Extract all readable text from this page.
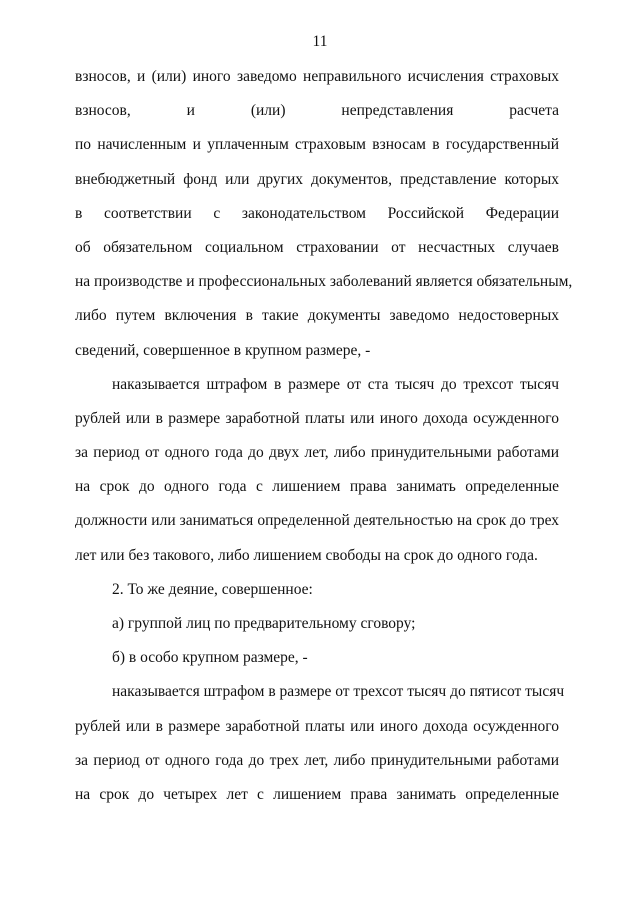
11
взносов, и (или) иного заведомо неправильного исчисления страховых
взносов, и (или) непредставления расчета
по начисленным и уплаченным страховым взносам в государственный
внебюджетный фонд или других документов, представление которых
в соответствии с законодательством Российской Федерации
об обязательном социальном страховании от несчастных случаев
на производстве и профессиональных заболеваний является обязательным,
либо путем включения в такие документы заведомо недостоверных
сведений, совершенное в крупном размере, -
наказывается штрафом в размере от ста тысяч до трехсот тысяч
рублей или в размере заработной платы или иного дохода осужденного
за период от одного года до двух лет, либо принудительными работами
на срок до одного года с лишением права занимать определенные
должности или заниматься определенной деятельностью на срок до трех
лет или без такового, либо лишением свободы на срок до одного года.
2. То же деяние, совершенное:
а) группой лиц по предварительному сговору;
б) в особо крупном размере, -
наказывается штрафом в размере от трехсот тысяч до пятисот тысяч
рублей или в размере заработной платы или иного дохода осужденного
за период от одного года до трех лет, либо принудительными работами
на срок до четырех лет с лишением права занимать определенные
